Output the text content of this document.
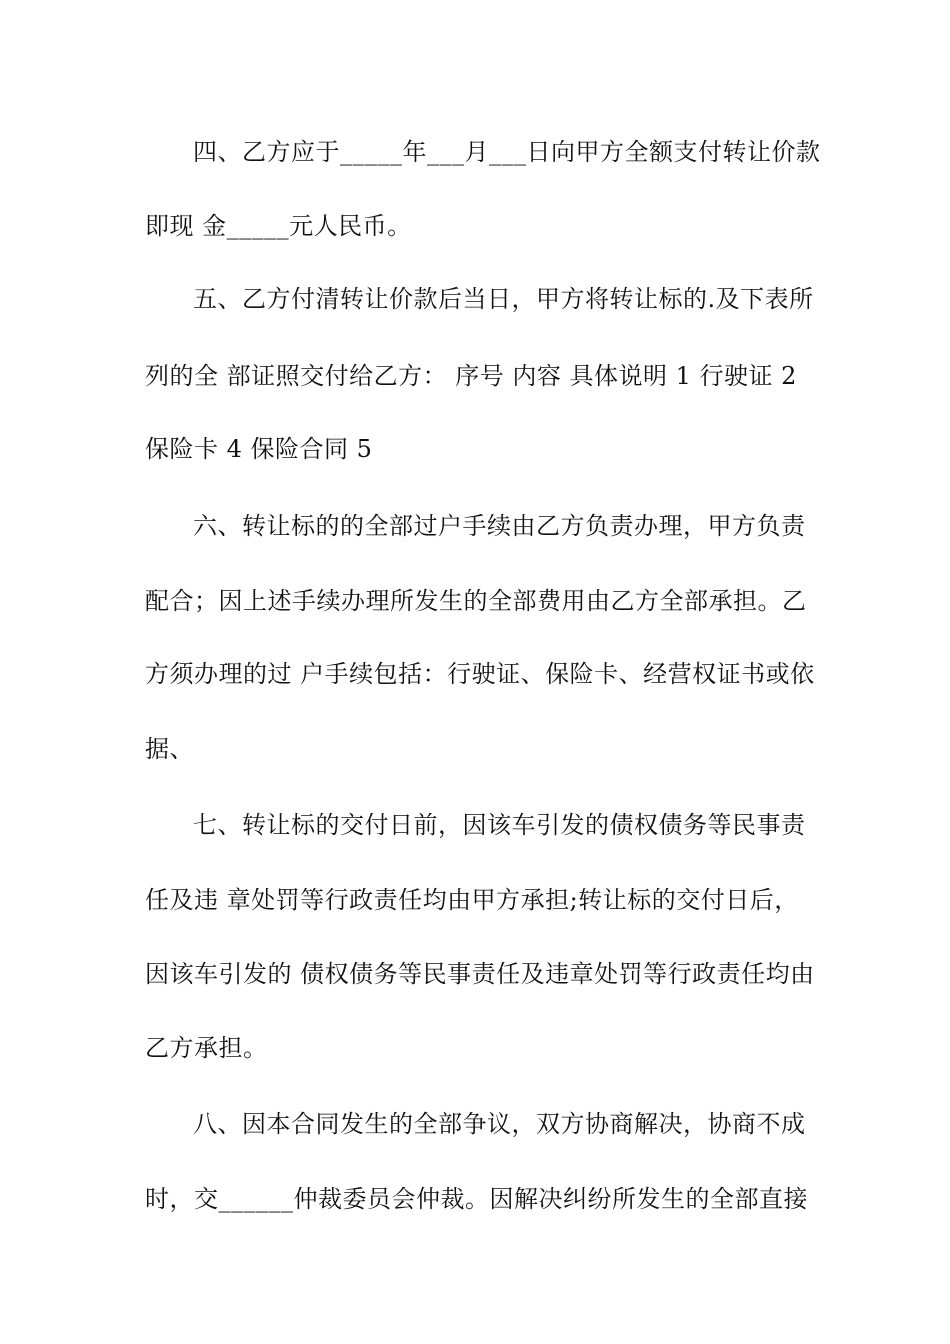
四、乙方应于_____年___月___日向甲方全额支付转让价款
即现 金_____元人民币。
五、乙方付清转让价款后当日，甲方将转让标的.及下表所
列的全 部证照交付给乙方： 序号 内容 具体说明 1 行驶证 2
保险卡 4 保险合同 5
六、转让标的的全部过户手续由乙方负责办理，甲方负责
配合；因上述手续办理所发生的全部费用由乙方全部承担。乙
方须办理的过 户手续包括：行驶证、保险卡、经营权证书或依
据、
七、转让标的交付日前，因该车引发的债权债务等民事责
任及违 章处罚等行政责任均由甲方承担;转让标的交付日后，
因该车引发的 债权债务等民事责任及违章处罚等行政责任均由
乙方承担。
八、因本合同发生的全部争议，双方协商解决，协商不成
时，交______仲裁委员会仲裁。因解决纠纷所发生的全部直接
